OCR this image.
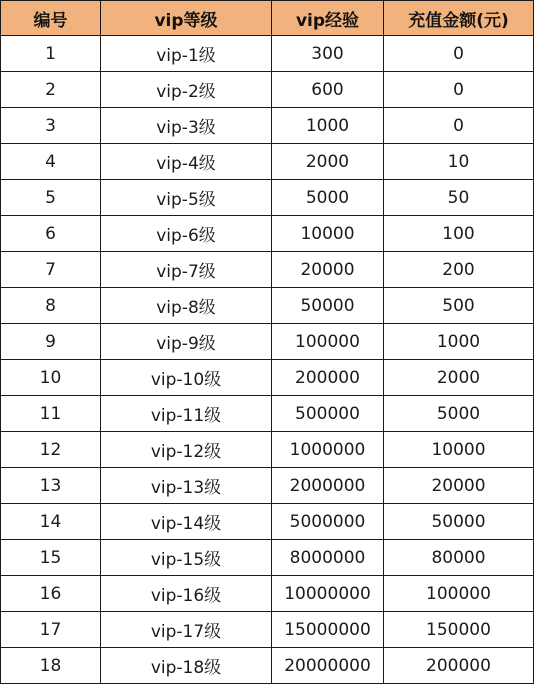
编号	vip等级	vip经验	充值金额(元)
1	vip-1级	300	0
2	vip-2级	600	0
3	vip-3级	1000	0
4	vip-4级	2000	10
5	vip-5级	5000	50
6	vip-6级	10000	100
7	vip-7级	20000	200
8	vip-8级	50000	500
9	vip-9级	100000	1000
10	vip-10级	200000	2000
11	vip-11级	500000	5000
12	vip-12级	1000000	10000
13	vip-13级	2000000	20000
14	vip-14级	5000000	50000
15	vip-15级	8000000	80000
16	vip-16级	10000000	100000
17	vip-17级	15000000	150000
18	vip-18级	20000000	200000
